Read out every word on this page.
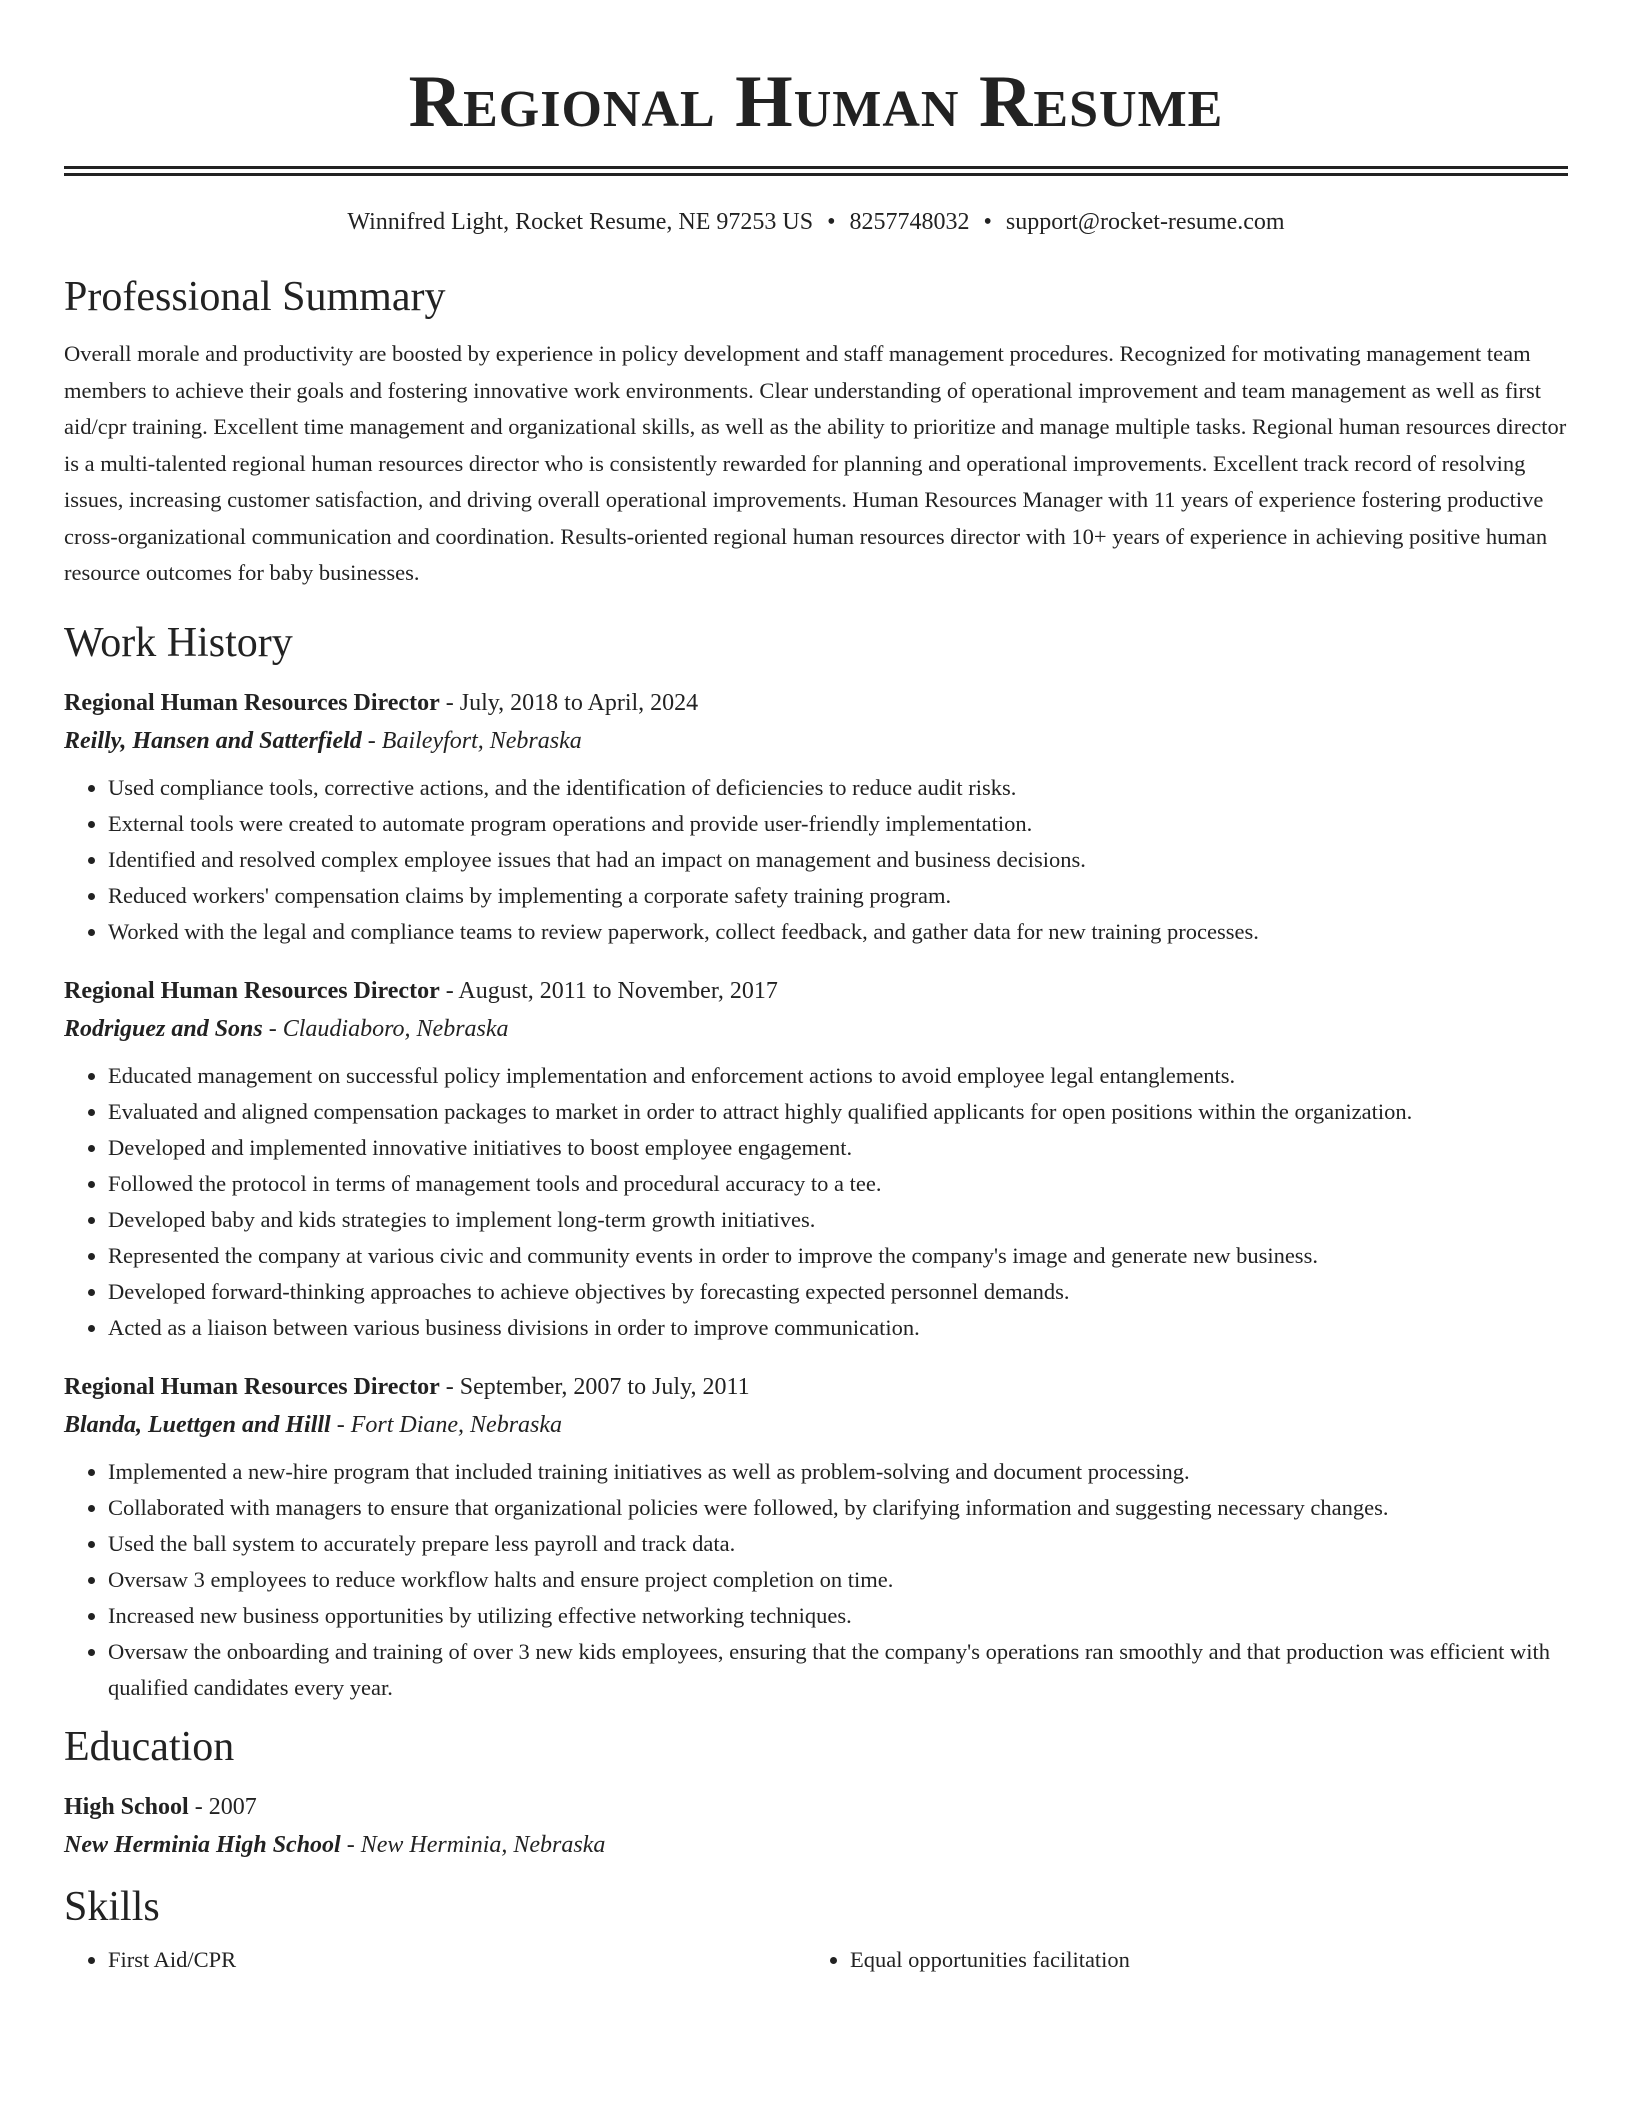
Regional Human Resume
Winnifred Light, Rocket Resume, NE 97253 US • 8257748032 • support@rocket-resume.com
Professional Summary

Overall morale and productivity are boosted by experience in policy development and staff management procedures. Recognized for motivating management team members to achieve their goals and fostering innovative work environments. Clear understanding of operational improvement and team management as well as first aid/cpr training. Excellent time management and organizational skills, as well as the ability to prioritize and manage multiple tasks. Regional human resources director is a multi-talented regional human resources director who is consistently rewarded for planning and operational improvements. Excellent track record of resolving issues, increasing customer satisfaction, and driving overall operational improvements. Human Resources Manager with 11 years of experience fostering productive cross-organizational communication and coordination. Results-oriented regional human resources director with 10+ years of experience in achieving positive human resource outcomes for baby businesses.

Work History
Regional Human Resources Director - July, 2018 to April, 2024
Reilly, Hansen and Satterfield - Baileyfort, Nebraska
• Used compliance tools, corrective actions, and the identification of deficiencies to reduce audit risks.
• External tools were created to automate program operations and provide user-friendly implementation.
• Identified and resolved complex employee issues that had an impact on management and business decisions.
• Reduced workers' compensation claims by implementing a corporate safety training program.
• Worked with the legal and compliance teams to review paperwork, collect feedback, and gather data for new training processes.
Regional Human Resources Director - August, 2011 to November, 2017
Rodriguez and Sons - Claudiaboro, Nebraska
• Educated management on successful policy implementation and enforcement actions to avoid employee legal entanglements.
• Evaluated and aligned compensation packages to market in order to attract highly qualified applicants for open positions within the organization.
• Developed and implemented innovative initiatives to boost employee engagement.
• Followed the protocol in terms of management tools and procedural accuracy to a tee.
• Developed baby and kids strategies to implement long-term growth initiatives.
• Represented the company at various civic and community events in order to improve the company's image and generate new business.
• Developed forward-thinking approaches to achieve objectives by forecasting expected personnel demands.
• Acted as a liaison between various business divisions in order to improve communication.
Regional Human Resources Director - September, 2007 to July, 2011
Blanda, Luettgen and Hilll - Fort Diane, Nebraska
• Implemented a new-hire program that included training initiatives as well as problem-solving and document processing.
• Collaborated with managers to ensure that organizational policies were followed, by clarifying information and suggesting necessary changes.
• Used the ball system to accurately prepare less payroll and track data.
• Oversaw 3 employees to reduce workflow halts and ensure project completion on time.
• Increased new business opportunities by utilizing effective networking techniques.
• Oversaw the onboarding and training of over 3 new kids employees, ensuring that the company's operations ran smoothly and that production was efficient with qualified candidates every year.
Education
High School - 2007
New Herminia High School - New Herminia, Nebraska
Skills
• First Aid/CPR
•	Equal opportunities facilitation
